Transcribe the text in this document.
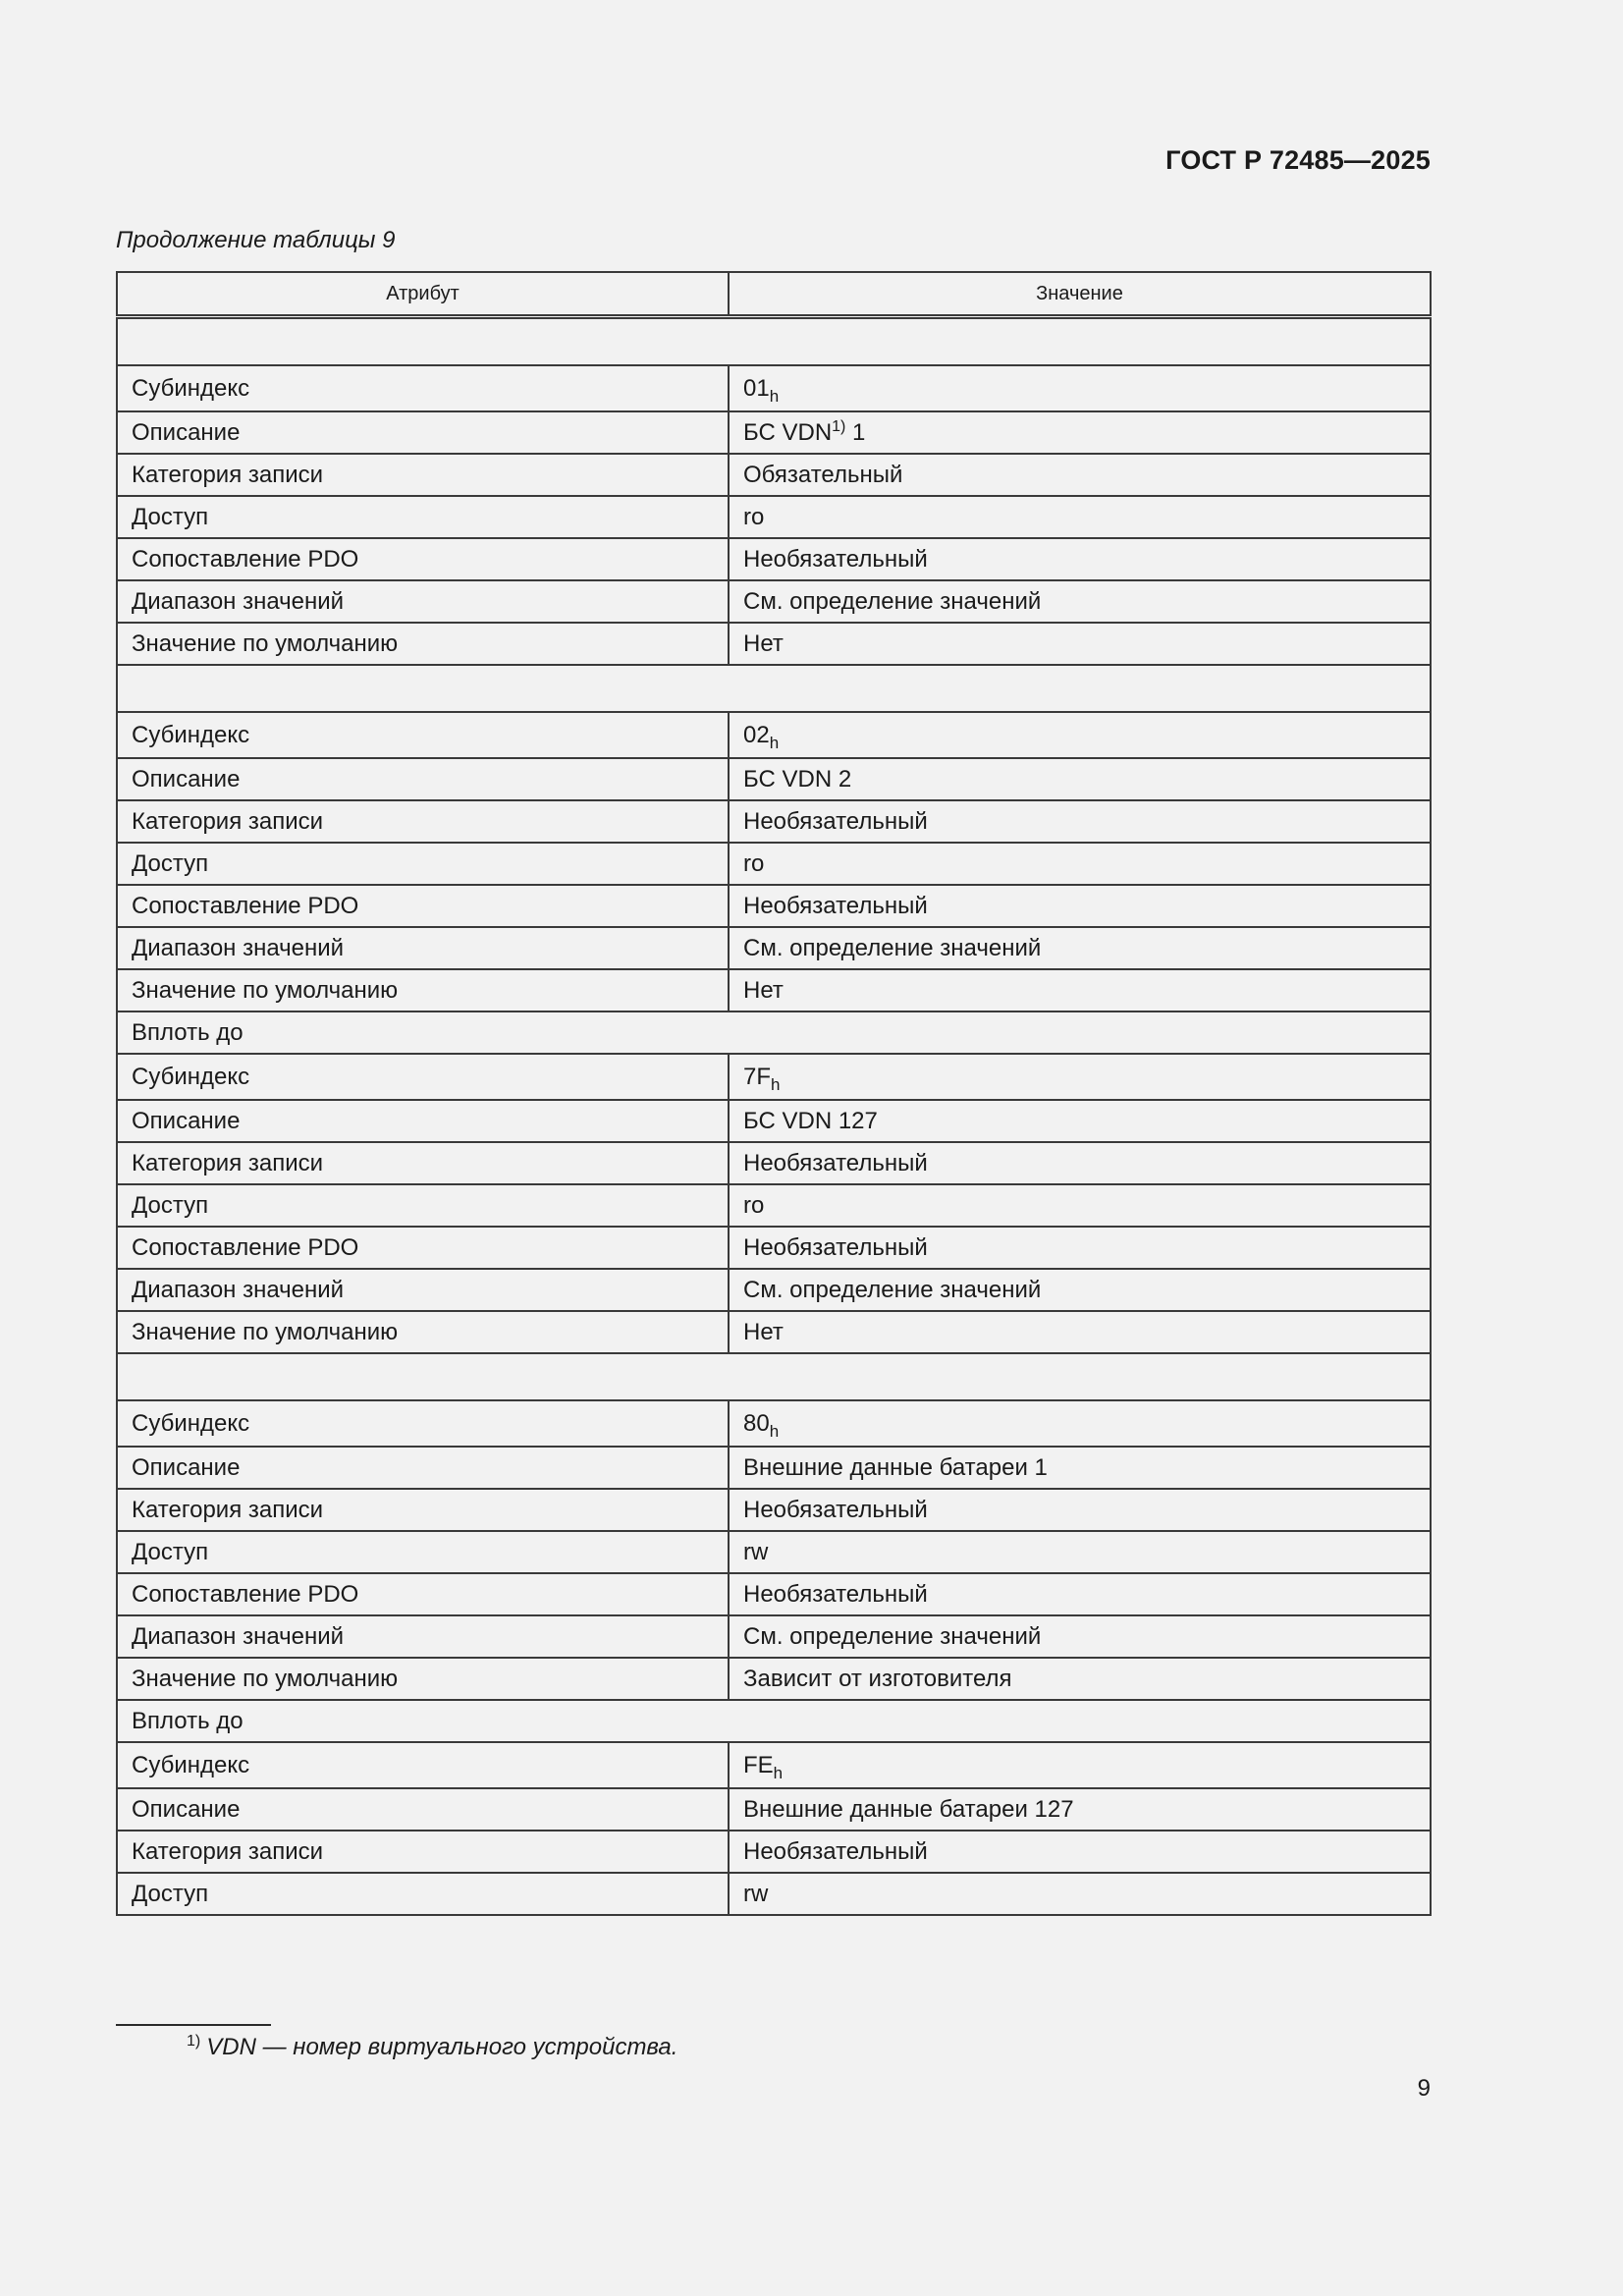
ГОСТ Р 72485—2025
Продолжение таблицы 9
Атрибут	Значение

Субиндекс	$01_h$
Описание	БС VDN$^{1)}$ 1
Категория записи	Обязательный
Доступ	ro
Сопоставление PDO	Необязательный
Диапазон значений	См. определение значений
Значение по умолчанию	Нет

Субиндекс	$02_h$
Описание	БС VDN 2
Категория записи	Необязательный
Доступ	ro
Сопоставление PDO	Необязательный
Диапазон значений	См. определение значений
Значение по умолчанию	Нет
Вплоть до	
Субиндекс	$7F_h$
Описание	БС VDN 127
Категория записи	Необязательный
Доступ	ro
Сопоставление PDO	Необязательный
Диапазон значений	См. определение значений
Значение по умолчанию	Нет

Субиндекс	$80_h$
Описание	Внешние данные батареи 1
Категория записи	Необязательный
Доступ	rw
Сопоставление PDO	Необязательный
Диапазон значений	См. определение значений
Значение по умолчанию	Зависит от изготовителя
Вплоть до	
Субиндекс	$FE_h$
Описание	Внешние данные батареи 127
Категория записи	Необязательный
Доступ	rw
$^{1)}$ VDN — номер виртуального устройства.
9
